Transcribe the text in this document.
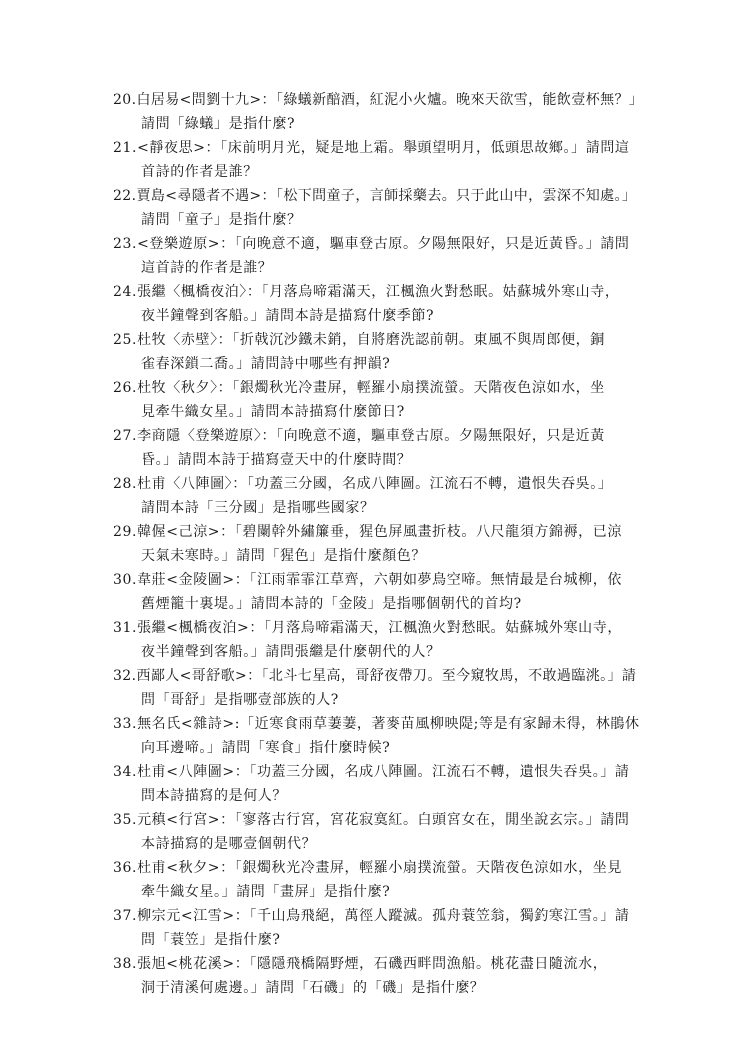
20.白居易<問劉十九>：「綠蟻新醅酒，紅泥小火爐。晚來天欲雪，能飲壹杯無？」
請問「綠蟻」是指什麼?
21.<靜夜思>：「床前明月光，疑是地上霜。舉頭望明月，低頭思故鄉。」請問這
首詩的作者是誰？
22.賈島<尋隱者不遇>：「松下問童子，言師採藥去。只于此山中，雲深不知處。」
請問「童子」是指什麼？
23.<登樂遊原>：「向晚意不適，驅車登古原。夕陽無限好，只是近黃昏。」請問
這首詩的作者是誰？
24.張繼〈楓橋夜泊〉：「月落烏啼霜滿天，江楓漁火對愁眠。姑蘇城外寒山寺，
夜半鐘聲到客船。」請問本詩是描寫什麼季節?
25.杜牧〈赤壁〉：「折戟沉沙鐵未銷，自將磨洗認前朝。東風不與周郎便，銅
雀春深鎖二喬。」請問詩中哪些有押韻?
26.杜牧〈秋夕〉：「銀燭秋光冷畫屏，輕羅小扇撲流螢。天階夜色涼如水，坐
見牽牛織女星。」請問本詩描寫什麼節日?
27.李商隱〈登樂遊原〉：「向晚意不適，驅車登古原。夕陽無限好，只是近黃
昏。」請問本詩于描寫壹天中的什麼時間？
28.杜甫〈八陣圖〉：「功蓋三分國，名成八陣圖。江流石不轉，遺恨失吞吳。」
請問本詩「三分國」是指哪些國家？
29.韓偓<己涼>：「碧闌幹外繡簾垂，猩色屏風畫折枝。八尺龍須方錦褥，已涼
天氣未寒時。」請問「猩色」是指什麼顏色？
30.韋莊<金陵圖>：「江雨霏霏江草齊，六朝如夢鳥空啼。無情最是台城柳，依
舊煙籠十裏堤。」請問本詩的「金陵」是指哪個朝代的首均?
31.張繼<楓橋夜泊>：「月落烏啼霜滿天，江楓漁火對愁眠。姑蘇城外寒山寺，
夜半鐘聲到客船。」請問張繼是什麼朝代的人？
32.西鄙人<哥舒歌>：「北斗七星高，哥舒夜帶刀。至今窺牧馬，不敢過臨洮。」請
問「哥舒」是指哪壹部族的人?
33.無名氏<雜詩>:「近寒食雨草萋萋，著麥苗風柳映隄;等是有家歸未得，林鵑休
向耳邊啼。」請問「寒食」指什麼時候?
34.杜甫<八陣圖>：「功蓋三分國，名成八陣圖。江流石不轉，遺恨失吞吳。」請
問本詩描寫的是何人？
35.元稹<行宮>：「寥落古行宮，宮花寂寞紅。白頭宮女在，閒坐說玄宗。」請問
本詩描寫的是哪壹個朝代？
36.杜甫<秋夕>：「銀燭秋光冷畫屏，輕羅小扇撲流螢。天階夜色涼如水，坐見
牽牛織女星。」請問「畫屏」是指什麼?
37.柳宗元<江雪>：「千山鳥飛絕，萬徑人蹤滅。孤舟蓑笠翁，獨釣寒江雪。」請
問「蓑笠」是指什麼?
38.張旭<桃花溪>：「隱隱飛橋隔野煙，石磯西畔問漁船。桃花盡日隨流水，
洞于清溪何處邊。」請問「石磯」的「磯」是指什麼？
